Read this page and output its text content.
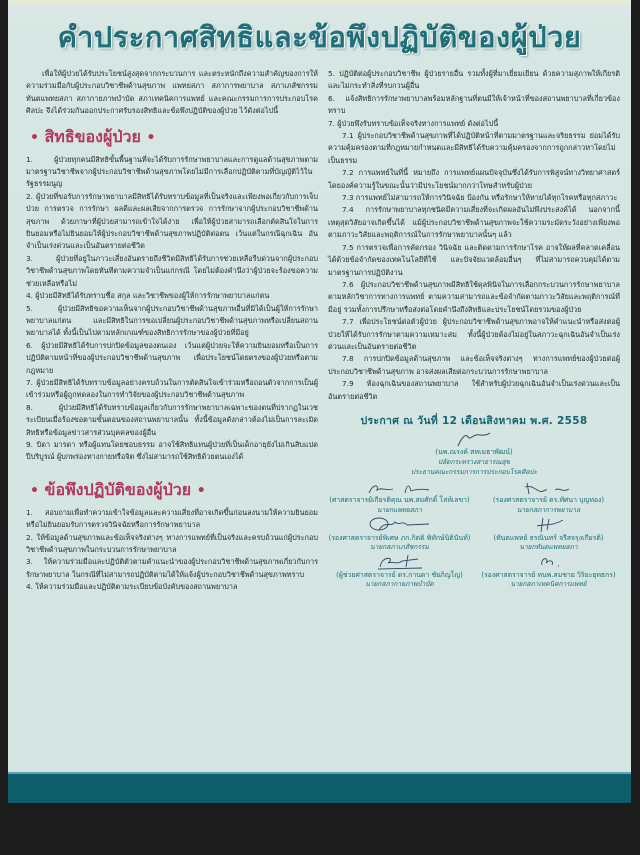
คำประกาศสิทธิและข้อพึงปฏิบัติของผู้ป่วย

เพื่อให้ผู้ป่วยได้รับประโยชน์สูงสุดจากกระบวนการ และตระหนักถึงความสำคัญของการให้ความร่วมมือกับผู้ประกอบวิชาชีพด้านสุขภาพ แพทยสภา สภาการพยาบาล สภาเภสัชกรรม ทันตแพทยสภา สภากายภาพบำบัด สภาเทคนิคการแพทย์ และคณะกรรมการการประกอบโรคศิลปะ จึงได้ร่วมกันออกประกาศรับรองสิทธิและข้อพึงปฏิบัติของผู้ป่วย ไว้ดังต่อไปนี้

• สิทธิของผู้ป่วย •

1. ผู้ป่วยทุกคนมีสิทธิขั้นพื้นฐานที่จะได้รับการรักษาพยาบาลและการดูแลด้านสุขภาพตามมาตรฐานวิชาชีพจากผู้ประกอบวิชาชีพด้านสุขภาพโดยไม่มีการเลือกปฏิบัติตามที่บัญญัติไว้ในรัฐธรรมนูญ

2. ผู้ป่วยที่ขอรับการรักษาพยาบาลมีสิทธิได้รับทราบข้อมูลที่เป็นจริงและเพียงพอเกี่ยวกับการเจ็บป่วย การตรวจ การรักษา ผลดีและผลเสียจากการตรวจ การรักษาจากผู้ประกอบวิชาชีพด้านสุขภาพ ด้วยภาษาที่ผู้ป่วยสามารถเข้าใจได้ง่าย เพื่อให้ผู้ป่วยสามารถเลือกตัดสินใจในการยินยอมหรือไม่ยินยอมให้ผู้ประกอบวิชาชีพด้านสุขภาพปฏิบัติต่อตน เว้นแต่ในกรณีฉุกเฉิน อันจำเป็นเร่งด่วนและเป็นอันตรายต่อชีวิต

3. ผู้ป่วยที่อยู่ในภาวะเสี่ยงอันตรายถึงชีวิตมีสิทธิได้รับการช่วยเหลือรีบด่วนจากผู้ประกอบวิชาชีพด้านสุขภาพโดยทันทีตามความจำเป็นแก่กรณี โดยไม่ต้องคำนึงว่าผู้ป่วยจะร้องขอความช่วยเหลือหรือไม่

4. ผู้ป่วยมีสิทธิได้รับทราบชื่อ สกุล และวิชาชีพของผู้ให้การรักษาพยาบาลแก่ตน

5. ผู้ป่วยมีสิทธิขอความเห็นจากผู้ประกอบวิชาชีพด้านสุขภาพอื่นที่มิได้เป็นผู้ให้การรักษาพยาบาลแก่ตน และมีสิทธิในการขอเปลี่ยนผู้ประกอบวิชาชีพด้านสุขภาพหรือเปลี่ยนสถานพยาบาลได้ ทั้งนี้เป็นไปตามหลักเกณฑ์ของสิทธิการรักษาของผู้ป่วยที่มีอยู่

6. ผู้ป่วยมีสิทธิได้รับการปกปิดข้อมูลของตนเอง เว้นแต่ผู้ป่วยจะให้ความยินยอมหรือเป็นการปฏิบัติตามหน้าที่ของผู้ประกอบวิชาชีพด้านสุขภาพ เพื่อประโยชน์โดยตรงของผู้ป่วยหรือตามกฎหมาย

7. ผู้ป่วยมีสิทธิได้รับทราบข้อมูลอย่างครบถ้วนในการตัดสินใจเข้าร่วมหรือถอนตัวจากการเป็นผู้เข้าร่วมหรือผู้ถูกทดลองในการทำวิจัยของผู้ประกอบวิชาชีพด้านสุขภาพ

8. ผู้ป่วยมีสิทธิได้รับทราบข้อมูลเกี่ยวกับการรักษาพยาบาลเฉพาะของตนที่ปรากฏในเวชระเบียนเมื่อร้องขอตามขั้นตอนของสถานพยาบาลนั้น ทั้งนี้ข้อมูลดังกล่าวต้องไม่เป็นการละเมิดสิทธิหรือข้อมูลข่าวสารส่วนบุคคลของผู้อื่น

9. บิดา มารดา หรือผู้แทนโดยชอบธรรม อาจใช้สิทธิแทนผู้ป่วยที่เป็นเด็กอายุยังไม่เกินสิบแปดปีบริบูรณ์ ผู้บกพร่องทางกายหรือจิต ซึ่งไม่สามารถใช้สิทธิด้วยตนเองได้

• ข้อพึงปฏิบัติของผู้ป่วย •

1. สอบถามเพื่อทำความเข้าใจข้อมูลและความเสี่ยงที่อาจเกิดขึ้นก่อนลงนามให้ความยินยอม หรือไม่ยินยอมรับการตรวจวินิจฉัยหรือการรักษาพยาบาล

2. ให้ข้อมูลด้านสุขภาพและข้อเท็จจริงต่างๆ ทางการแพทย์ที่เป็นจริงและครบถ้วนแก่ผู้ประกอบวิชาชีพด้านสุขภาพในกระบวนการรักษาพยาบาล

3. ให้ความร่วมมือและปฏิบัติตัวตามคำแนะนำของผู้ประกอบวิชาชีพด้านสุขภาพเกี่ยวกับการรักษาพยาบาล ในกรณีที่ไม่สามารถปฏิบัติตามได้ให้แจ้งผู้ประกอบวิชาชีพด้านสุขภาพทราบ

4. ให้ความร่วมมือและปฏิบัติตามระเบียบข้อบังคับของสถานพยาบาล

5. ปฏิบัติต่อผู้ประกอบวิชาชีพ ผู้ป่วยรายอื่น รวมทั้งผู้ที่มาเยี่ยมเยียน ด้วยความสุภาพให้เกียรติและไม่กระทำสิ่งที่รบกวนผู้อื่น

6. แจ้งสิทธิการรักษาพยาบาลพร้อมหลักฐานที่ตนมีให้เจ้าหน้าที่ของสถานพยาบาลที่เกี่ยวข้องทราบ

7. ผู้ป่วยพึงรับทราบข้อเท็จจริงทางการแพทย์ ดังต่อไปนี้

7.1 ผู้ประกอบวิชาชีพด้านสุขภาพที่ได้ปฏิบัติหน้าที่ตามมาตรฐานและจริยธรรม ย่อมได้รับความคุ้มครองตามที่กฎหมายกำหนดและมีสิทธิได้รับความคุ้มครองจากการถูกกล่าวหาโดยไม่เป็นธรรม

7.2 การแพทย์ในที่นี้ หมายถึง การแพทย์แผนปัจจุบันซึ่งได้รับการพิสูจน์ทางวิทยาศาสตร์ โดยองค์ความรู้ในขณะนั้นว่ามีประโยชน์มากกว่าโทษสำหรับผู้ป่วย

7.3 การแพทย์ไม่สามารถให้การวินิจฉัย ป้องกัน หรือรักษาให้หายได้ทุกโรคหรือทุกสภาวะ

7.4 การรักษาพยาบาลทุกชนิดมีความเสี่ยงที่จะเกิดผลอันไม่พึงประสงค์ได้ นอกจากนี้ เหตุสุดวิสัยอาจเกิดขึ้นได้ แม้ผู้ประกอบวิชาชีพด้านสุขภาพจะใช้ความระมัดระวังอย่างเพียงพอ ตามภาวะวิสัยและพฤติการณ์ในการรักษาพยาบาลนั้นๆ แล้ว

7.5 การตรวจเพื่อการคัดกรอง วินิจฉัย และติดตามการรักษาโรค อาจให้ผลที่คลาดเคลื่อนได้ด้วยข้อจำกัดของเทคโนโลยีที่ใช้ และปัจจัยแวดล้อมอื่นๆ ที่ไม่สามารถควบคุมได้ตามมาตรฐานการปฏิบัติงาน

7.6 ผู้ประกอบวิชาชีพด้านสุขภาพมีสิทธิใช้ดุลพินิจในการเลือกกระบวนการรักษาพยาบาลตามหลักวิชาการทางการแพทย์ ตามความสามารถและข้อจำกัดตามภาวะวิสัยและพฤติการณ์ที่มีอยู่ รวมทั้งการปรึกษาหรือส่งต่อโดยคำนึงถึงสิทธิและประโยชน์โดยรวมของผู้ป่วย

7.7 เพื่อประโยชน์ต่อตัวผู้ป่วย ผู้ประกอบวิชาชีพด้านสุขภาพอาจให้คำแนะนำหรือส่งต่อผู้ป่วยให้ได้รับการรักษาตามความเหมาะสม ทั้งนี้ผู้ป่วยต้องไม่อยู่ในสภาวะฉุกเฉินอันจำเป็นเร่งด่วนและเป็นอันตรายต่อชีวิต

7.8 การปกปิดข้อมูลด้านสุขภาพ และข้อเท็จจริงต่างๆ ทางการแพทย์ของผู้ป่วยต่อผู้ประกอบวิชาชีพด้านสุขภาพ อาจส่งผลเสียต่อกระบวนการรักษาพยาบาล

7.9 ห้องฉุกเฉินของสถานพยาบาล ใช้สำหรับผู้ป่วยฉุกเฉินอันจำเป็นเร่งด่วนและเป็นอันตรายต่อชีวิต

ประกาศ ณ วันที่ 12 เดือนสิงหาคม พ.ศ. 2558
(นพ.ณรงค์ สหเมธาพัฒน์)
ปลัดกระทรวงสาธารณสุข
ประธานคณะกรรมการการประกอบโรคศิลปะ
(ศาสตราจารย์เกียรติคุณ นพ.สมศักดิ์ โล่ห์เลขา)
นายกแพทยสภา
(รองศาสตราจารย์ ดร.ทัศนา บุญทอง)
นายกสภาการพยาบาล
(รองศาสตราจารย์พิเศษ ภก.กิตติ พิทักษ์นิตินันท์)
นายกสภาเภสัชกรรม
(ทันตแพทย์ ธรณินทร์ จรีสจรุงเกียรติ)
นายกทันตแพทยสภา
(ผู้ช่วยศาสตราจารย์ ดร.กานดา ชัยภิญโญ)
นายกสภากายภาพบำบัด
(รองศาสตราจารย์ ทนพ.สมชาย วิริยะยุทธกร)
นายกสภาเทคนิคการแพทย์
